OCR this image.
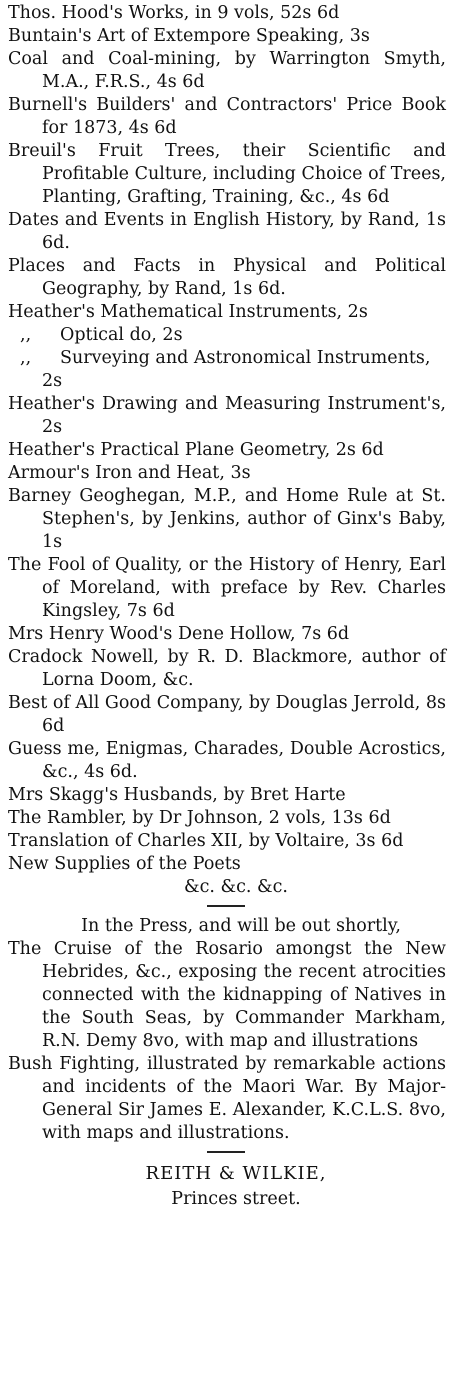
Thos. Hood's Works, in 9 vols, 52s 6d

Buntain's Art of Extempore Speaking, 3s

Coal and Coal-mining, by Warrington Smyth, M.A., F.R.S., 4s 6d

Burnell's Builders' and Contractors' Price Book for 1873, 4s 6d

Breuil's Fruit Trees, their Scientific and Profitable Culture, including Choice of Trees, Planting, Grafting, Training, &c., 4s 6d

Dates and Events in English History, by Rand, 1s 6d.

Places and Facts in Physical and Political Geography, by Rand, 1s 6d.

Heather's Mathematical Instruments, 2s

,, Optical do, 2s

,, Surveying and Astronomical Instruments, 2s

Heather's Drawing and Measuring Instrument's, 2s

Heather's Practical Plane Geometry, 2s 6d

Armour's Iron and Heat, 3s

Barney Geoghegan, M.P., and Home Rule at St. Stephen's, by Jenkins, author of Ginx's Baby, 1s

The Fool of Quality, or the History of Henry, Earl of Moreland, with preface by Rev. Charles Kingsley, 7s 6d

Mrs Henry Wood's Dene Hollow, 7s 6d

Cradock Nowell, by R. D. Blackmore, author of Lorna Doom, &c.

Best of All Good Company, by Douglas Jerrold, 8s 6d

Guess me, Enigmas, Charades, Double Acrostics, &c., 4s 6d.

Mrs Skagg's Husbands, by Bret Harte

The Rambler, by Dr Johnson, 2 vols, 13s 6d

Translation of Charles XII, by Voltaire, 3s 6d

New Supplies of the Poets

&c. &c. &c.

In the Press, and will be out shortly,

The Cruise of the Rosario amongst the New Hebrides, &c., exposing the recent atrocities connected with the kidnapping of Natives in the South Seas, by Commander Markham, R.N. Demy 8vo, with map and illustrations

Bush Fighting, illustrated by remarkable actions and incidents of the Maori War. By Major-General Sir James E. Alexander, K.C.L.S. 8vo, with maps and illustrations.

REITH & WILKIE,

Princes street.
